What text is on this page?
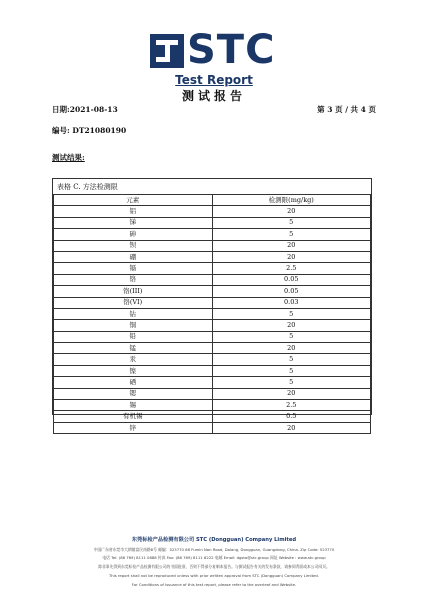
STC
Test Report
测试报告
日期:2021-08-13	第 3 页 / 共 4 页
编号: DT21080190
测试结果:
表格 C. 方法检测限
元素	检测限(mg/kg)
铝	20
锑	5
砷	5
钡	20
硼	20
镉	2.5
铬	0.05
铬(III)	0.05
铬(VI)	0.03
钴	5
铜	20
铅	5
锰	20
汞	5
镍	5
硒	5
锶	20
锡	2.5
有机锡	0.5
锌	20
东莞标检产品检测有限公司 STC (Dongguan) Company Limited
中国广东省东莞市大朗镇富民南路8号 邮编：523770 68 Fumin Nan Road, Dalang, Dongguan, Guangdong, China. Zip Code: 523770
电话 Tel: (86 769) 8111 0888 传真 Fax: (86 769) 8111 6222 电邮 Email: dgsto@stc.group 网址 Website : www.stc.group
除非事先得到东莞标检产品检测有限公司的书面批准，否则不得部分复制本报告。与测试报告有关的发布条款，请参阅背面或本公司网页。
This report shall not be reproduced unless with prior written approval from STC (Dongguan) Company Limited.
For Conditions of Issuance of this test report, please refer to the overleaf and Website.
